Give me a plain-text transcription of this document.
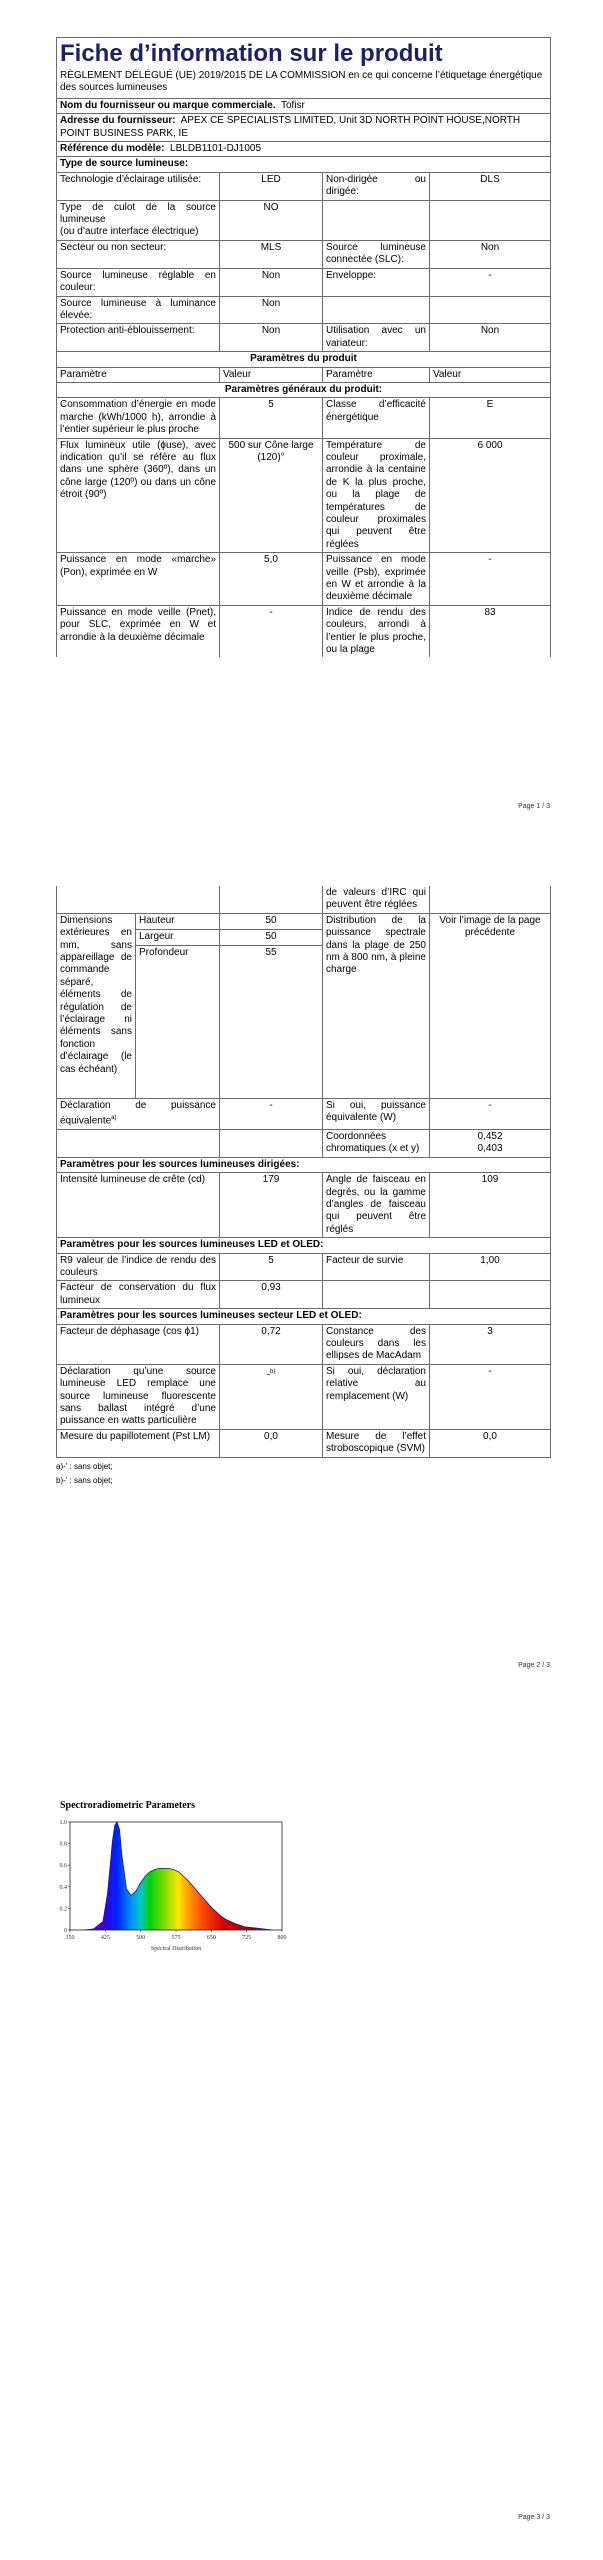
Fiche d’information sur le produit
RÈGLEMENT DÉLÉGUÉ (UE) 2019/2015 DE LA COMMISSION en ce qui concerne l’étiquetage énergétique des sources lumineuses			

Nom du fournisseur ou marque commerciale. Tofisr			
Adresse du fournisseur: APEX CE SPECIALISTS LIMITED, Unit 3D NORTH POINT HOUSE,NORTH POINT BUSINESS PARK, IE			
Référence du modèle: LBLDB1101-DJ1005			
Type de source lumineuse:			
Technologie d’éclairage utilisée:	LED	Non-dirigée ou dirigée:	DLS
Type de culot de la source lumineuse
(ou d’autre interface électrique)	NO		
Secteur ou non secteur:	MLS	Source lumineuse connectée (SLC):	Non
Source lumineuse réglable en couleur:	Non	Enveloppe:	-
Source lumineuse à luminance élevée:	Non		
Protection anti-éblouissement:	Non	Utilisation avec un variateur:	Non
Paramètres du produit			
Paramètre	Valeur	Paramètre	Valeur
Paramètres généraux du produit:			
Consommation d’énergie en mode marche (kWh/1000 h), arrondie à l’entier supérieur le plus proche	5	Classe d’efficacité énergétique	E
Flux lumineux utile (ϕuse), avec indication qu’il se réfère au flux dans une sphère (360º), dans un cône large (120º) ou dans un cône étroit (90º)	500 sur Cône large (120)°	Température de couleur proximale, arrondie à la centaine de K la plus proche, ou la plage de températures de couleur proximales qui peuvent être réglées	6 000
Puissance en mode «marche» (Pon), exprimée en W	5,0	Puissance en mode veille (Psb), exprimée en W et arrondie à la deuxième décimale	-
Puissance en mode veille (Pnet), pour SLC, exprimée en W et arrondie à la deuxième décimale	-	Indice de rendu des couleurs, arrondi à l’entier le plus proche, ou la plage	83
Page 1 / 3
			de valeurs d’IRC qui peuvent être réglées	
Dimensions extérieures en mm, sans appareillage de commande séparé, éléments de régulation de l’éclairage ni éléments sans fonction d’éclairage (le cas échéant)	Hauteur	50	Distribution de la puissance spectrale dans la plage de 250 nm à 800 nm, à pleine charge	Voir l’image de la page précédente
	Largeur	50		
	Profondeur	55		
Déclaration de puissance équivalente$^{a)}$		-	Si oui, puissance équivalente (W)	-
			Coordonnées chromatiques (x et y)	0,452
0,403
Paramètres pour les sources lumineuses dirigées:				
Intensité lumineuse de crête (cd)		179	Angle de faisceau en degrés, ou la gamme d’angles de faisceau qui peuvent être réglés	109
Paramètres pour les sources lumineuses LED et OLED:				
R9 valeur de l’indice de rendu des couleurs		5	Facteur de survie	1,00
Facteur de conservation du flux lumineux		0,93		
Paramètres pour les sources lumineuses secteur LED et OLED:				
Facteur de déphasage (cos ϕ1)		0,72	Constance des couleurs dans les ellipses de MacAdam	3
Déclaration qu’une source lumineuse LED remplace une source lumineuse fluorescente sans ballast intégré d’une puissance en watts particulière		-$^{b)}$	Si oui, déclaration relative au remplacement (W)	-
Mesure du papillotement (Pst LM)		0,0	Mesure de l’effet stroboscopique (SVM)	0,0
a)-’ : sans objet;
b)-’ : sans objet;
Page 2 / 3
Spectroradiometric Parameters
350	425	500	575	650	725	800
0
0.2
0.4
0.6
0.8
1.0
Spectral Distribution
Page 3 / 3
